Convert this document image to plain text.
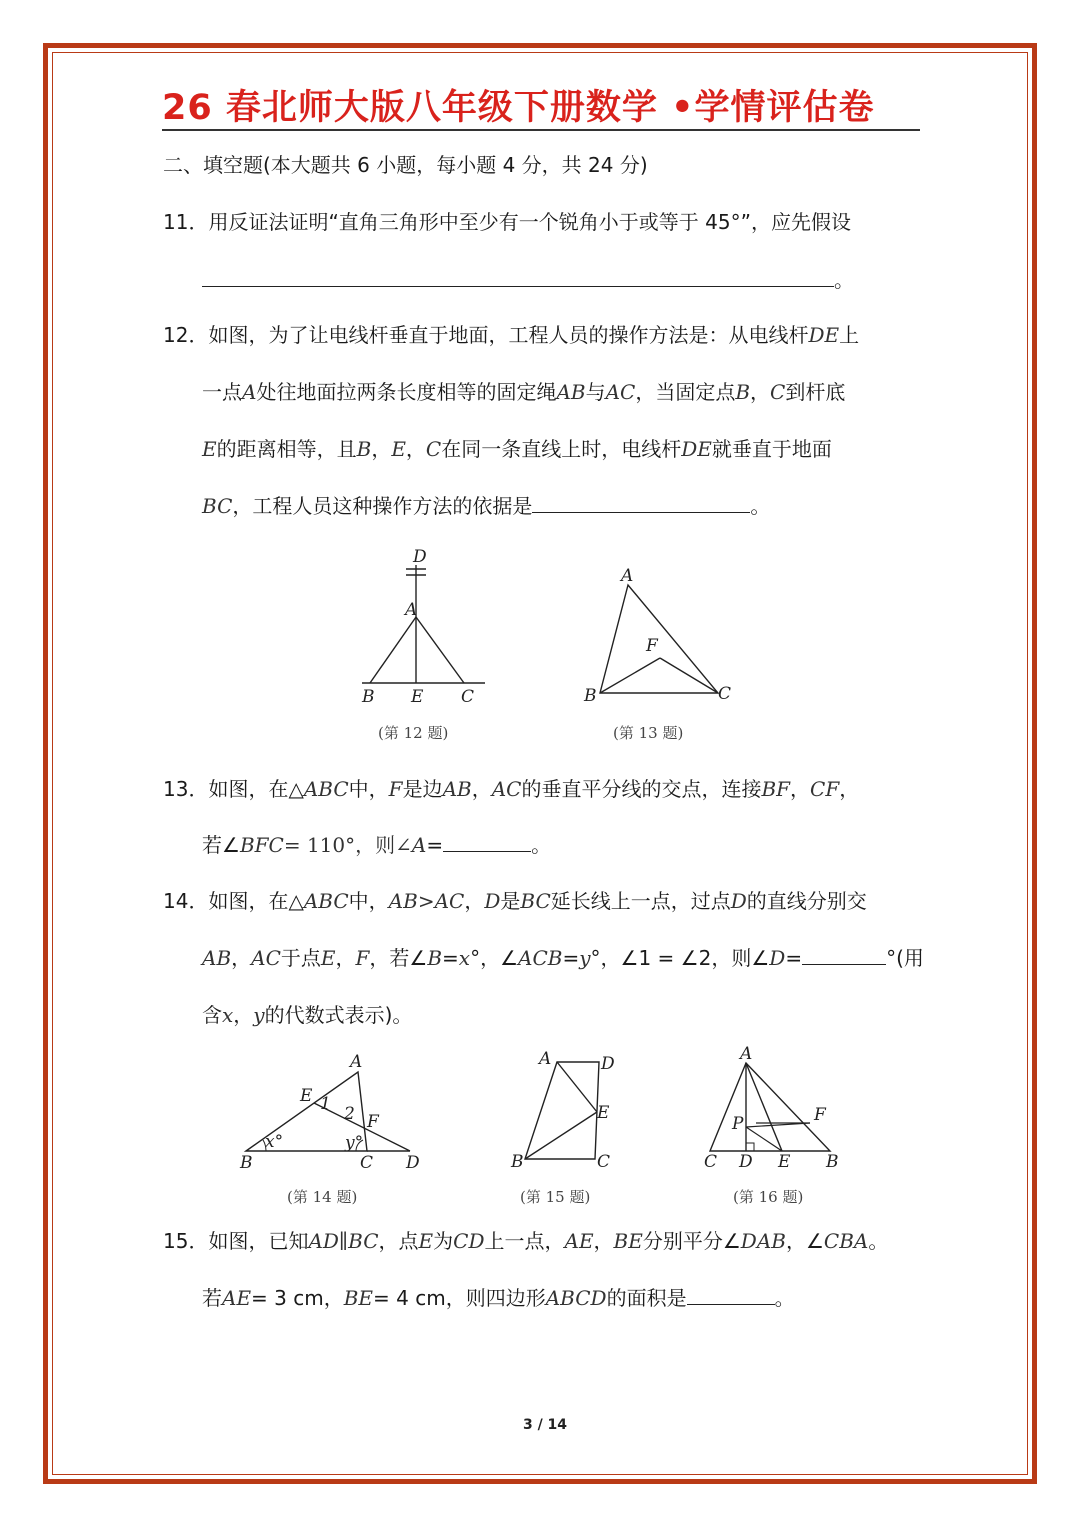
26 春北师大版八年级下册数学 •学情评估卷
二、填空题(本大题共 6 小题，每小题 4 分，共 24 分)
11．用反证法证明“直角三角形中至少有一个锐角小于或等于 45°”，应先假设
。
12．如图，为了让电线杆垂直于地面，工程人员的操作方法是：从电线杆DE上
一点A处往地面拉两条长度相等的固定绳AB与AC，当固定点B，C到杆底
E的距离相等，且B，E，C在同一条直线上时，电线杆DE就垂直于地面
BC，工程人员这种操作方法的依据是	。
D
A
B E C
(第 12 题)
A
F
B	C
(第 13 题)
13．如图，在△ABC中，F是边AB，AC的垂直平分线的交点，连接BF，CF，
若∠BFC= 110°，则∠A=	。
14．如图，在△ABC中，AB>AC，D是BC延长线上一点，过点D的直线分别交
AB，AC于点E，F，若∠B=x°，∠ACB=y°，∠1 = ∠2，则∠D=	°(用
含x，y的代数式表示)。
A
E 1 2 F
x°	y°
B	C D
(第 14 题)
A	D
E
B	C
(第 15 题)
A
P	F
C D E B
(第 16 题)
15．如图，已知AD∥BC，点E为CD上一点，AE，BE分别平分∠DAB，∠CBA。
若AE= 3 cm，BE= 4 cm，则四边形ABCD的面积是	。
3 / 14
